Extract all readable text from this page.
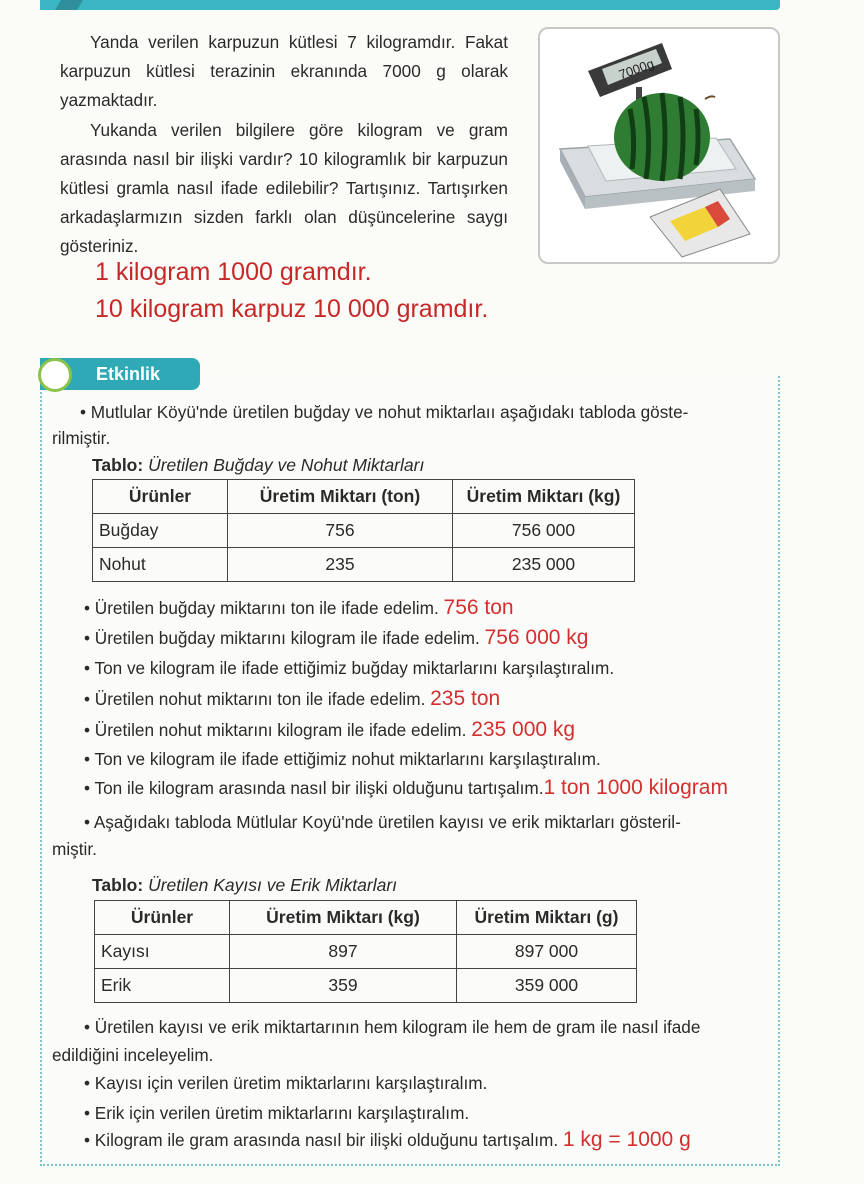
Yanda verilen karpuzun kütlesi 7 kilogramdır. Fakat karpuzun kütlesi terazinin ekranında 7000 g olarak yazmaktadır.

Yukanda verilen bilgilere göre kilogram ve gram arasında nasıl bir ilişki vardır? 10 kilogramlık bir karpuzun kütlesi gramla nasıl ifade edilebilir? Tartışınız. Tartışırken arkadaşlarmızın sizden farklı olan düşüncelerine saygı gösteriniz.

1 kilogram 1000 gramdır.
10 kilogram karpuz 10 000 gramdır.
7000g
Etkinlik
• Mutlular Köyü'nde üretilen buğday ve nohut miktarlaıı aşağıdakı tabloda göste-
rilmiştir.
Tablo: Üretilen Buğday ve Nohut Miktarları
Ürünler	Üretim Miktarı (ton)	Üretim Miktarı (kg)
Buğday	756	756 000
Nohut	235	235 000
• Üretilen buğday miktarını ton ile ifade edelim. 756 ton
• Üretilen buğday miktarını kilogram ile ifade edelim. 756 000 kg
• Ton ve kilogram ile ifade ettiğimiz buğday miktarlarını karşılaştıralım.
• Üretilen nohut miktarını ton ile ifade edelim. 235 ton
• Üretilen nohut miktarını kilogram ile ifade edelim. 235 000 kg
• Ton ve kilogram ile ifade ettiğimiz nohut miktarlarını karşılaştıralım.
• Ton ile kilogram arasında nasıl bir ilişki olduğunu tartışalım.1 ton 1000 kilogram
• Aşağıdakı tabloda Mütlular Koyü'nde üretilen kayısı ve erik miktarları gösteril-
miştir.
Tablo: Üretilen Kayısı ve Erik Miktarları
Ürünler	Üretim Miktarı (kg)	Üretim Miktarı (g)
Kayısı	897	897 000
Erik	359	359 000
• Üretilen kayısı ve erik miktartarının hem kilogram ile hem de gram ile nasıl ifade
edildiğini inceleyelim.
• Kayısı için verilen üretim miktarlarını karşılaştıralım.
• Erik için verilen üretim miktarlarını karşılaştıralım.
• Kilogram ile gram arasında nasıl bir ilişki olduğunu tartışalım. 1 kg = 1000 g
